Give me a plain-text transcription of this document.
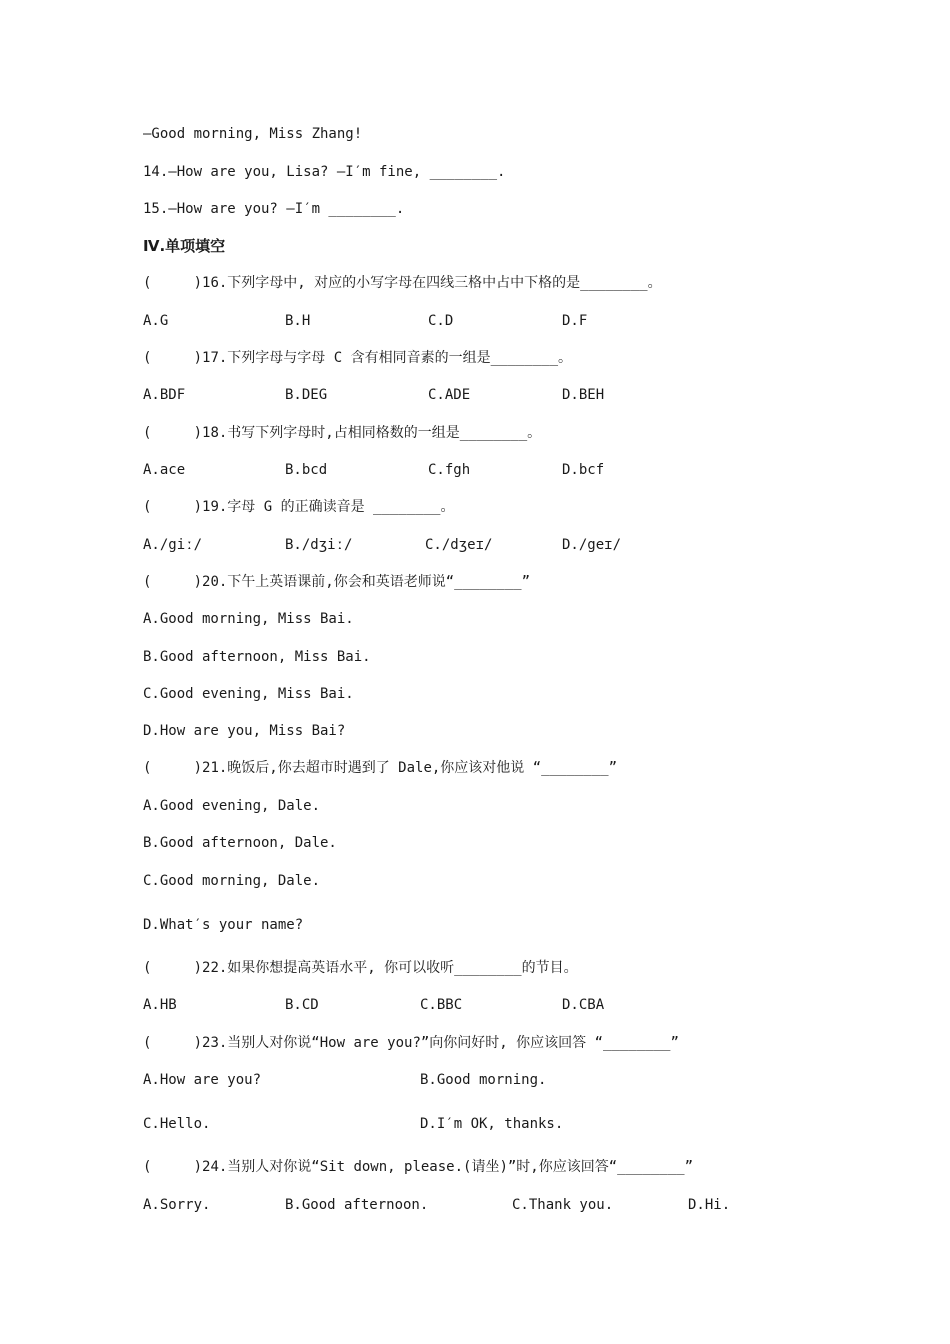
—Good morning, Miss Zhang!
14.—How are you, Lisa? —I′m fine, ________.
15.—How are you? —I′m ________.
Ⅳ.单项填空
(     )16.下列字母中, 对应的小写字母在四线三格中占中下格的是________。
A.G	B.H	C.D	D.F
(     )17.下列字母与字母 C 含有相同音素的一组是________。
A.BDF	B.DEG	C.ADE	D.BEH
(     )18.书写下列字母时,占相同格数的一组是________。
A.ace	B.bcd	C.fgh	D.bcf
(     )19.字母 G 的正确读音是 ________。
A./giː/	B./dʒiː/	C./dʒeɪ/	D./geɪ/
(     )20.下午上英语课前,你会和英语老师说“________”
A.Good morning, Miss Bai.
B.Good afternoon, Miss Bai.
C.Good evening, Miss Bai.
D.How are you, Miss Bai?
(     )21.晚饭后,你去超市时遇到了 Dale,你应该对他说 “________”
A.Good evening, Dale.
B.Good afternoon, Dale.
C.Good morning, Dale.
D.What′s your name?
(     )22.如果你想提高英语水平, 你可以收听________的节目。
A.HB	B.CD	C.BBC	D.CBA
(     )23.当别人对你说“How are you?”向你问好时, 你应该回答 “________”
A.How are you?	B.Good morning.
C.Hello.	D.I′m OK, thanks.
(     )24.当别人对你说“Sit down, please.(请坐)”时,你应该回答“________”
A.Sorry.	B.Good afternoon.	C.Thank you.	D.Hi.
